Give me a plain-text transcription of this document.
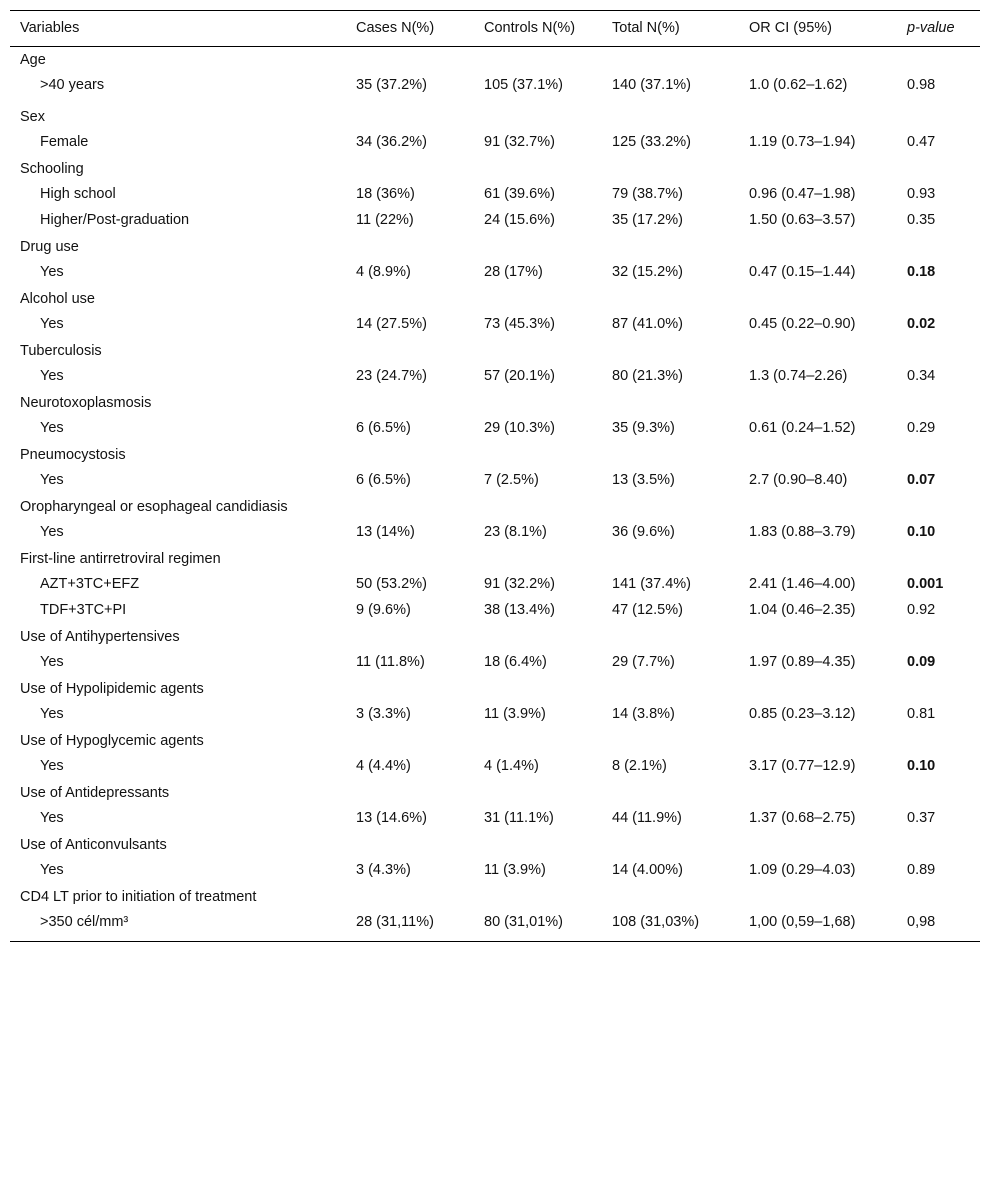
Variables	Cases N(%)	Controls N(%)	Total N(%)	OR CI (95%)	p-value
Age					
>40 years	35 (37.2%)	105 (37.1%)	140 (37.1%)	1.0 (0.62–1.62)	0.98
Sex					
Female	34 (36.2%)	91 (32.7%)	125 (33.2%)	1.19 (0.73–1.94)	0.47
Schooling					
High school	18 (36%)	61 (39.6%)	79 (38.7%)	0.96 (0.47–1.98)	0.93
Higher/Post-graduation	11 (22%)	24 (15.6%)	35 (17.2%)	1.50 (0.63–3.57)	0.35
Drug use					
Yes	4 (8.9%)	28 (17%)	32 (15.2%)	0.47 (0.15–1.44)	0.18
Alcohol use					
Yes	14 (27.5%)	73 (45.3%)	87 (41.0%)	0.45 (0.22–0.90)	0.02
Tuberculosis					
Yes	23 (24.7%)	57 (20.1%)	80 (21.3%)	1.3 (0.74–2.26)	0.34
Neurotoxoplasmosis					
Yes	6 (6.5%)	29 (10.3%)	35 (9.3%)	0.61 (0.24–1.52)	0.29
Pneumocystosis					
Yes	6 (6.5%)	7 (2.5%)	13 (3.5%)	2.7 (0.90–8.40)	0.07
Oropharyngeal or esophageal candidiasis					
Yes	13 (14%)	23 (8.1%)	36 (9.6%)	1.83 (0.88–3.79)	0.10
First-line antirretroviral regimen					
AZT+3TC+EFZ	50 (53.2%)	91 (32.2%)	141 (37.4%)	2.41 (1.46–4.00)	0.001
TDF+3TC+PI	9 (9.6%)	38 (13.4%)	47 (12.5%)	1.04 (0.46–2.35)	0.92
Use of Antihypertensives					
Yes	11 (11.8%)	18 (6.4%)	29 (7.7%)	1.97 (0.89–4.35)	0.09
Use of Hypolipidemic agents					
Yes	3 (3.3%)	11 (3.9%)	14 (3.8%)	0.85 (0.23–3.12)	0.81
Use of Hypoglycemic agents					
Yes	4 (4.4%)	4 (1.4%)	8 (2.1%)	3.17 (0.77–12.9)	0.10
Use of Antidepressants					
Yes	13 (14.6%)	31 (11.1%)	44 (11.9%)	1.37 (0.68–2.75)	0.37
Use of Anticonvulsants					
Yes	3 (4.3%)	11 (3.9%)	14 (4.00%)	1.09 (0.29–4.03)	0.89
CD4 LT prior to initiation of treatment					
>350 cél/mm³	28 (31,11%)	80 (31,01%)	108 (31,03%)	1,00 (0,59–1,68)	0,98
